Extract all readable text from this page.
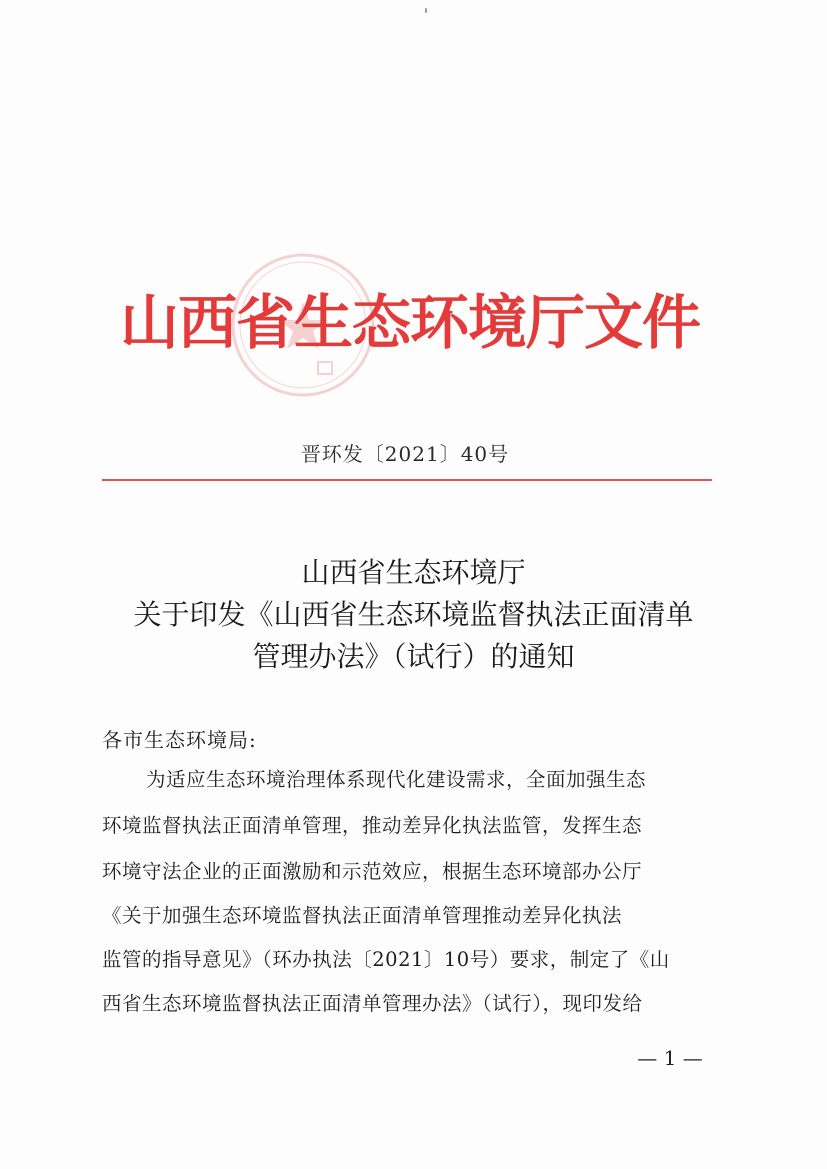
山西省生态环境厅文件
晋环发〔2021〕40号
山西省生态环境厅
关于印发《山西省生态环境监督执法正面清单
管理办法》（试行）的通知
各市生态环境局:
为适应生态环境治理体系现代化建设需求，全面加强生态
环境监督执法正面清单管理，推动差异化执法监管，发挥生态
环境守法企业的正面激励和示范效应，根据生态环境部办公厅
《关于加强生态环境监督执法正面清单管理推动差异化执法
监管的指导意见》（环办执法〔2021〕10号）要求，制定了《山
西省生态环境监督执法正面清单管理办法》（试行），现印发给
— 1 —
